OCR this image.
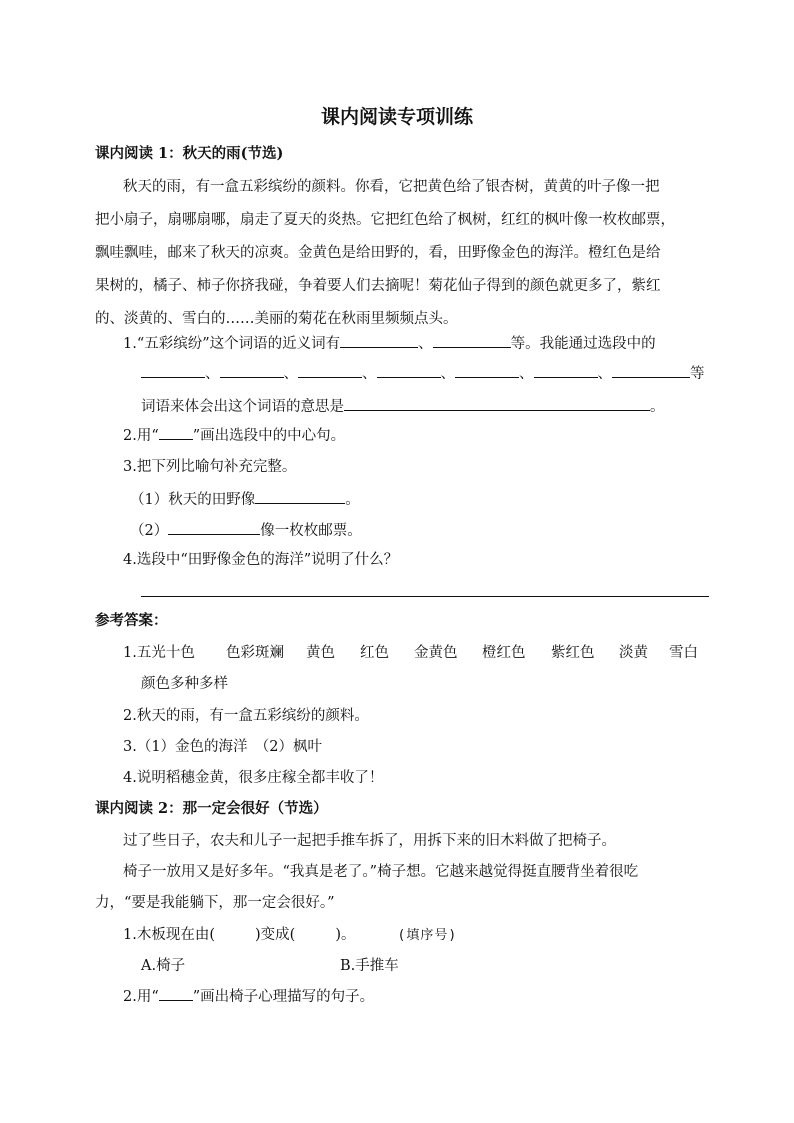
课内阅读专项训练
课内阅读 1：秋天的雨(节选)
秋天的雨，有一盒五彩缤纷的颜料。你看，它把黄色给了银杏树，黄黄的叶子像一把
把小扇子，扇哪扇哪，扇走了夏天的炎热。它把红色给了枫树，红红的枫叶像一枚枚邮票，
飘哇飘哇，邮来了秋天的凉爽。金黄色是给田野的，看，田野像金色的海洋。橙红色是给
果树的，橘子、柿子你挤我碰，争着要人们去摘呢！菊花仙子得到的颜色就更多了，紫红
的、淡黄的、雪白的……美丽的菊花在秋雨里频频点头。
1.“五彩缤纷”这个词语的近义词有	、	等。我能通过选段中的
、	、	、	、	、	、	等
词语来体会出这个词语的意思是	。
2.用“ ”画出选段中的中心句。
3.把下列比喻句补充完整。
（1）秋天的田野像	。
（2）	像一枚枚邮票。
4.选段中“田野像金色的海洋”说明了什么？
参考答案：
1.五光十色 色彩斑斓 黄色 红色 金黄色 橙红色 紫红色 淡黄 雪白
颜色多种多样
2.秋天的雨，有一盒五彩缤纷的颜料。
3.（1）金色的海洋　（2）枫叶
4.说明稻穗金黄，很多庄稼全都丰收了！
课内阅读 2：那一定会很好（节选）
过了些日子，农夫和儿子一起把手推车拆了，用拆下来的旧木料做了把椅子。
椅子一放用又是好多年。“我真是老了。”椅子想。它越来越觉得挺直腰背坐着很吃
力，“要是我能躺下，那一定会很好。”
1.木板现在由(	)变成(	)。	(填序号)
A.椅子	B.手推车
2.用“ ”画出椅子心理描写的句子。
